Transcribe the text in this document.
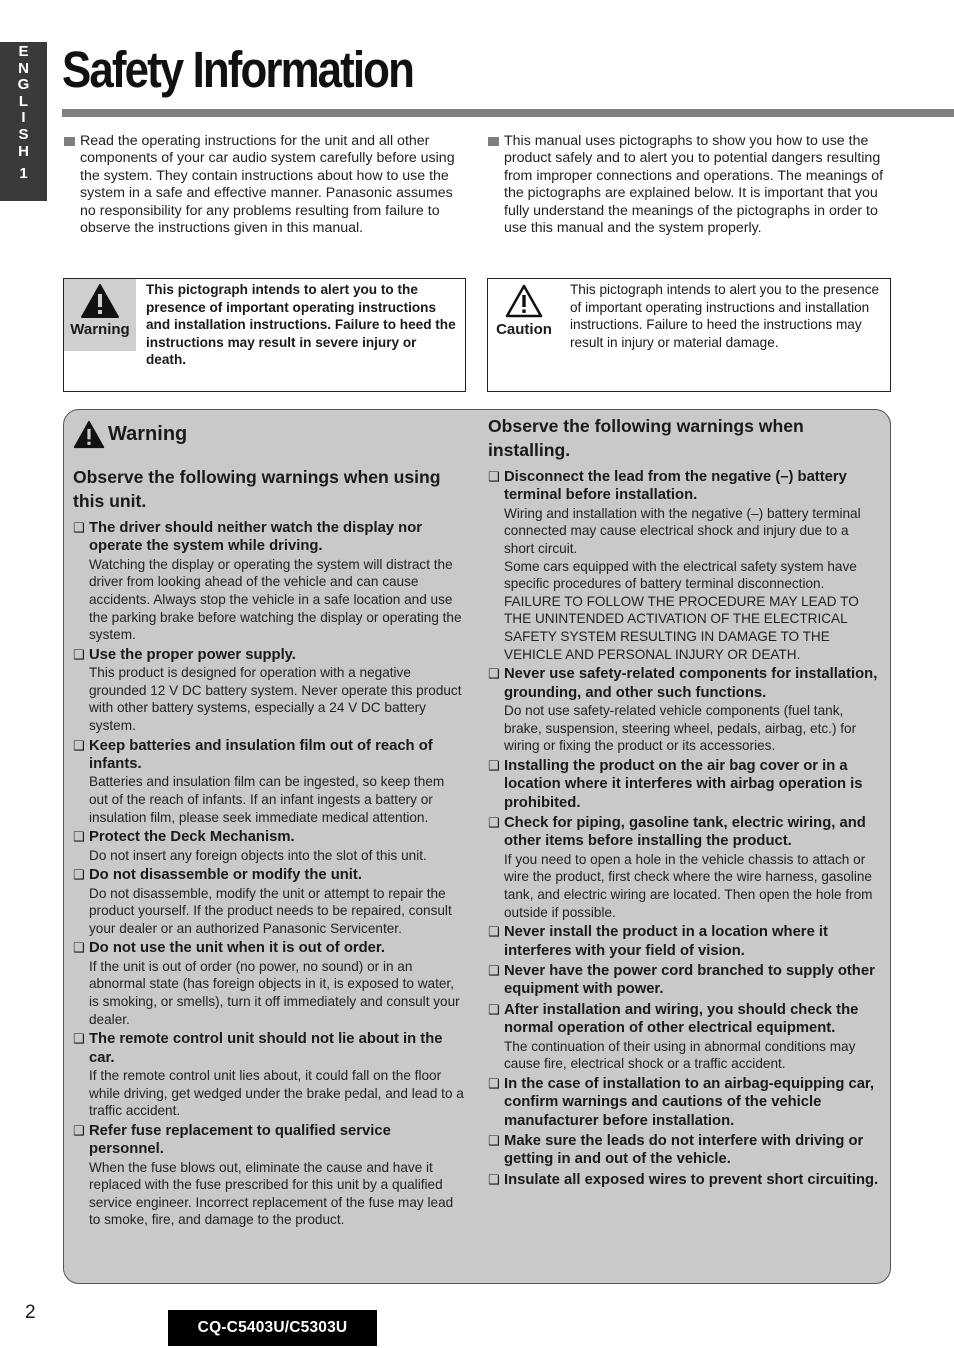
E
N
G
L
I
S
H
1
Safety Information
Read the operating instructions for the unit and all other components of your car audio system carefully before using the system. They contain instructions about how to use the system in a safe and effective manner. Panasonic assumes no responsibility for any problems resulting from failure to observe the instructions given in this manual.
This manual uses pictographs to show you how to use the product safely and to alert you to potential dangers resulting from improper connections and operations. The meanings of the pictographs are explained below. It is important that you fully understand the meanings of the pictographs in order to use this manual and the system properly.
Warning
This pictograph intends to alert you to the presence of important operating instructions and installation instructions. Failure to heed the instructions may result in severe injury or death.
Caution
This pictograph intends to alert you to the presence of important operating instructions and installation instructions. Failure to heed the instructions may result in injury or material damage.
Warning
Observe the following warnings when using this unit.
❑ The driver should neither watch the display nor operate the system while driving.
Watching the display or operating the system will distract the driver from looking ahead of the vehicle and can cause accidents. Always stop the vehicle in a safe location and use the parking brake before watching the display or operating the system.
❑ Use the proper power supply.
This product is designed for operation with a negative grounded 12 V DC battery system. Never operate this product with other battery systems, especially a 24 V DC battery system.
❑ Keep batteries and insulation film out of reach of infants.
Batteries and insulation film can be ingested, so keep them out of the reach of infants. If an infant ingests a battery or insulation film, please seek immediate medical attention.
❑ Protect the Deck Mechanism.
Do not insert any foreign objects into the slot of this unit.
❑ Do not disassemble or modify the unit.
Do not disassemble, modify the unit or attempt to repair the product yourself. If the product needs to be repaired, consult your dealer or an authorized Panasonic Servicenter.
❑ Do not use the unit when it is out of order.
If the unit is out of order (no power, no sound) or in an abnormal state (has foreign objects in it, is exposed to water, is smoking, or smells), turn it off immediately and consult your dealer.
❑ The remote control unit should not lie about in the car.
If the remote control unit lies about, it could fall on the floor while driving, get wedged under the brake pedal, and lead to a traffic accident.
❑ Refer fuse replacement to qualified service personnel.
When the fuse blows out, eliminate the cause and have it replaced with the fuse prescribed for this unit by a qualified service engineer. Incorrect replacement of the fuse may lead to smoke, fire, and damage to the product.
Observe the following warnings when installing.
❑ Disconnect the lead from the negative (–) battery terminal before installation.
Wiring and installation with the negative (–) battery terminal connected may cause electrical shock and injury due to a short circuit.
Some cars equipped with the electrical safety system have specific procedures of battery terminal disconnection.
FAILURE TO FOLLOW THE PROCEDURE MAY LEAD TO THE UNINTENDED ACTIVATION OF THE ELECTRICAL SAFETY SYSTEM RESULTING IN DAMAGE TO THE VEHICLE AND PERSONAL INJURY OR DEATH.
❑ Never use safety-related components for installation, grounding, and other such functions.
Do not use safety-related vehicle components (fuel tank, brake, suspension, steering wheel, pedals, airbag, etc.) for wiring or fixing the product or its accessories.
❑ Installing the product on the air bag cover or in a location where it interferes with airbag operation is prohibited.
❑ Check for piping, gasoline tank, electric wiring, and other items before installing the product.
If you need to open a hole in the vehicle chassis to attach or wire the product, first check where the wire harness, gasoline tank, and electric wiring are located. Then open the hole from outside if possible.
❑ Never install the product in a location where it interferes with your field of vision.
❑ Never have the power cord branched to supply other equipment with power.
❑ After installation and wiring, you should check the normal operation of other electrical equipment.
The continuation of their using in abnormal conditions may cause fire, electrical shock or a traffic accident.
❑ In the case of installation to an airbag-equipping car, confirm warnings and cautions of the vehicle manufacturer before installation.
❑ Make sure the leads do not interfere with driving or getting in and out of the vehicle.
❑ Insulate all exposed wires to prevent short circuiting.
2
CQ-C5403U/C5303U
